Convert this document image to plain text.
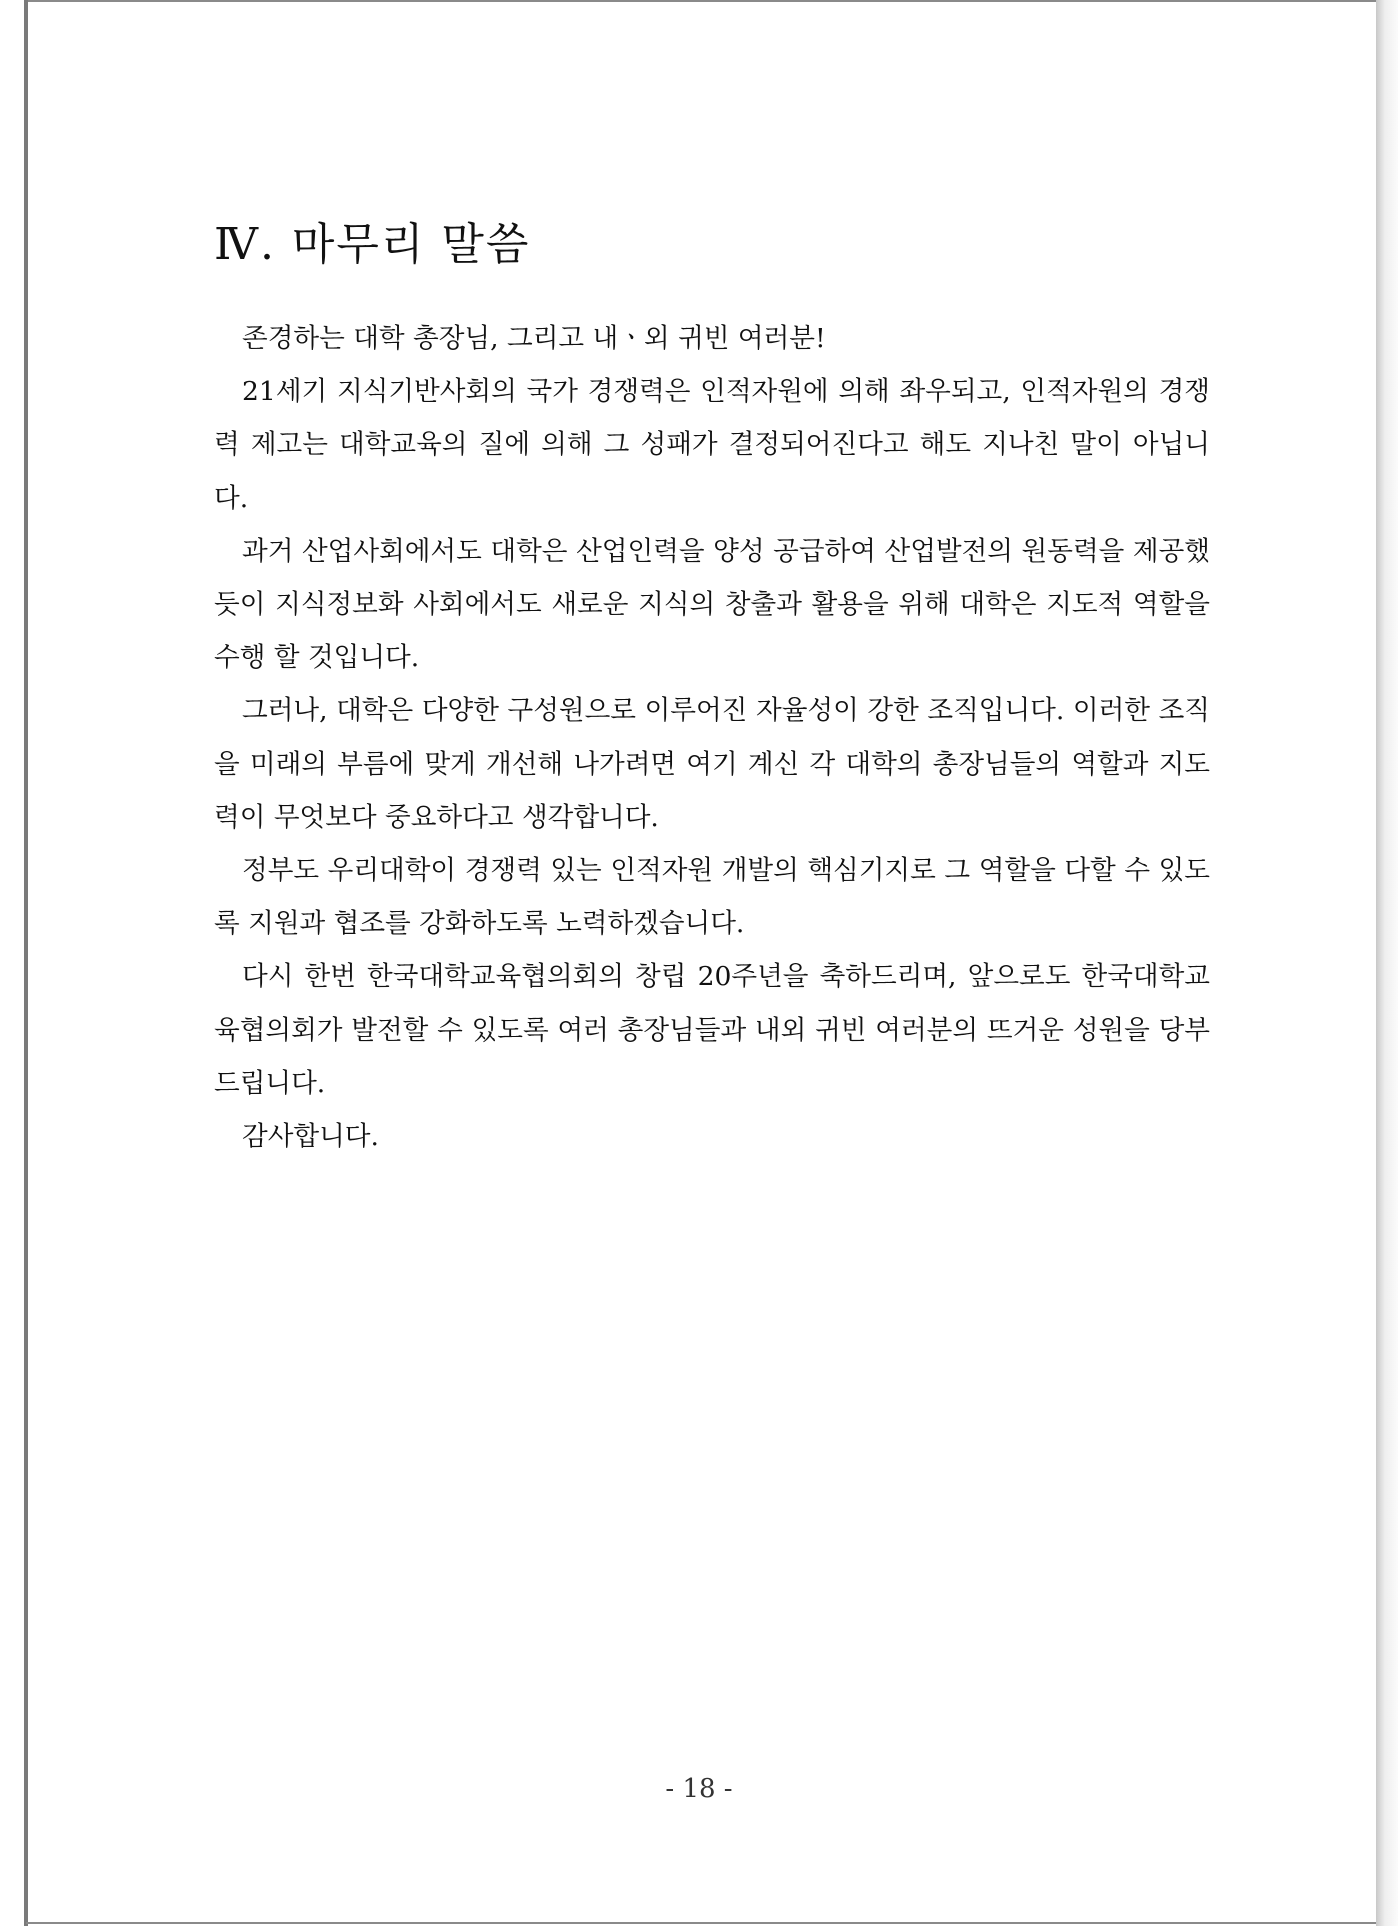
Ⅳ. 마무리 말씀

존경하는 대학 총장님, 그리고 내ㆍ외 귀빈 여러분!

21세기 지식기반사회의 국가 경쟁력은 인적자원에 의해 좌우되고, 인적자원의 경쟁력 제고는 대학교육의 질에 의해 그 성패가 결정되어진다고 해도 지나친 말이 아닙니다.

과거 산업사회에서도 대학은 산업인력을 양성 공급하여 산업발전의 원동력을 제공했듯이 지식정보화 사회에서도 새로운 지식의 창출과 활용을 위해 대학은 지도적 역할을 수행 할 것입니다.

그러나, 대학은 다양한 구성원으로 이루어진 자율성이 강한 조직입니다. 이러한 조직을 미래의 부름에 맞게 개선해 나가려면 여기 계신 각 대학의 총장님들의 역할과 지도력이 무엇보다 중요하다고 생각합니다.

정부도 우리대학이 경쟁력 있는 인적자원 개발의 핵심기지로 그 역할을 다할 수 있도록 지원과 협조를 강화하도록 노력하겠습니다.

다시 한번 한국대학교육협의회의 창립 20주년을 축하드리며, 앞으로도 한국대학교육협의회가 발전할 수 있도록 여러 총장님들과 내외 귀빈 여러분의 뜨거운 성원을 당부 드립니다.

감사합니다.

- 18 -
